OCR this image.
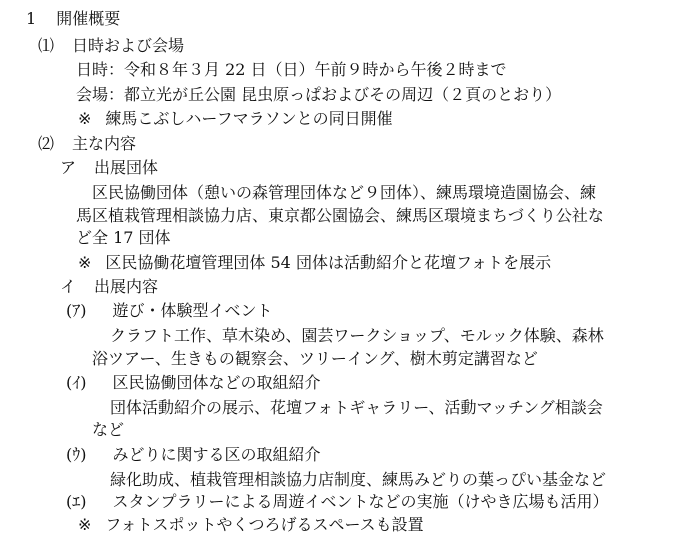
1 開催概要
⑴ 日時および会場
日時：令和８年３月 22 日（日）午前９時から午後２時まで
会場：都立光が丘公園 昆虫原っぱおよびその周辺（２頁のとおり）
※ 練馬こぶしハーフマラソンとの同日開催
⑵ 主な内容
ア 出展団体
区民協働団体（憩いの森管理団体など９団体）、練馬環境造園協会、練
馬区植栽管理相談協力店、東京都公園協会、練馬区環境まちづくり公社な
ど全 17 団体
※ 区民協働花壇管理団体 54 団体は活動紹介と花壇フォトを展示
イ 出展内容
(ｱ) 遊び・体験型イベント
クラフト工作、草木染め、園芸ワークショップ、モルック体験、森林
浴ツアー、生きもの観察会、ツリーイング、樹木剪定講習など
(ｲ) 区民協働団体などの取組紹介
団体活動紹介の展示、花壇フォトギャラリー、活動マッチング相談会
など
(ｳ) みどりに関する区の取組紹介
緑化助成、植栽管理相談協力店制度、練馬みどりの葉っぴい基金など
(ｴ) スタンプラリーによる周遊イベントなどの実施（けやき広場も活用）
※ フォトスポットやくつろげるスペースも設置
